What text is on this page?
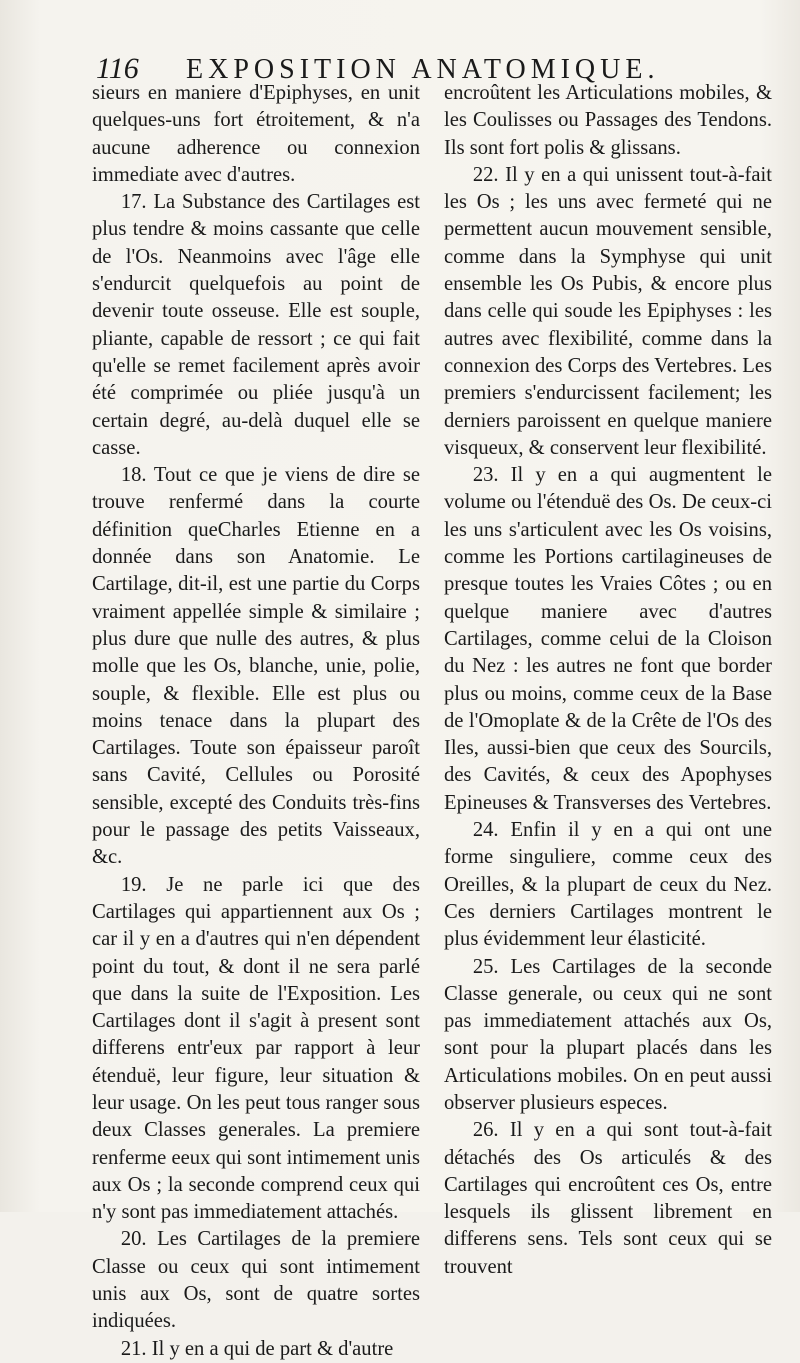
116 EXPOSITION ANATOMIQUE.

sieurs en maniere d'Epiphyses, en unit quelques-uns fort étroitement, & n'a aucune adherence ou connexion immediate avec d'autres.

17. La Substance des Cartilages est plus tendre & moins cassante que celle de l'Os. Neanmoins avec l'âge elle s'endurcit quelquefois au point de devenir toute osseuse. Elle est souple, pliante, capable de ressort ; ce qui fait qu'elle se remet facilement après avoir été comprimée ou pliée jusqu'à un certain degré, au-delà duquel elle se casse.

18. Tout ce que je viens de dire se trouve renfermé dans la courte définition queCharles Etienne en a donnée dans son Anatomie. Le Cartilage, dit-il, est une partie du Corps vraiment appellée simple & similaire ; plus dure que nulle des autres, & plus molle que les Os, blanche, unie, polie, souple, & flexible. Elle est plus ou moins tenace dans la plupart des Cartilages. Toute son épaisseur paroît sans Cavité, Cellules ou Porosité sensible, excepté des Conduits très-fins pour le passage des petits Vaisseaux, &c.

19. Je ne parle ici que des Cartilages qui appartiennent aux Os ; car il y en a d'autres qui n'en dépendent point du tout, & dont il ne sera parlé que dans la suite de l'Exposition. Les Cartilages dont il s'agit à present sont differens entr'eux par rapport à leur étenduë, leur figure, leur situation & leur usage. On les peut tous ranger sous deux Classes generales. La premiere renferme eeux qui sont intimement unis aux Os ; la seconde comprend ceux qui n'y sont pas immediatement attachés.

20. Les Cartilages de la premiere Classe ou ceux qui sont intimement unis aux Os, sont de quatre sortes indiquées.

21. Il y en a qui de part & d'autre

encroûtent les Articulations mobiles, & les Coulisses ou Passages des Tendons. Ils sont fort polis & glissans.

22. Il y en a qui unissent tout-à-fait les Os ; les uns avec fermeté qui ne permettent aucun mouvement sensible, comme dans la Symphyse qui unit ensemble les Os Pubis, & encore plus dans celle qui soude les Epiphyses : les autres avec flexibilité, comme dans la connexion des Corps des Vertebres. Les premiers s'endurcissent facilement; les derniers paroissent en quelque maniere visqueux, & conservent leur flexibilité.

23. Il y en a qui augmentent le volume ou l'étenduë des Os. De ceux-ci les uns s'articulent avec les Os voisins, comme les Portions cartilagineuses de presque toutes les Vraies Côtes ; ou en quelque maniere avec d'autres Cartilages, comme celui de la Cloison du Nez : les autres ne font que border plus ou moins, comme ceux de la Base de l'Omoplate & de la Crête de l'Os des Iles, aussi-bien que ceux des Sourcils, des Cavités, & ceux des Apophyses Epineuses & Transverses des Vertebres.

24. Enfin il y en a qui ont une forme singuliere, comme ceux des Oreilles, & la plupart de ceux du Nez. Ces derniers Cartilages montrent le plus évidemment leur élasticité.

25. Les Cartilages de la seconde Classe generale, ou ceux qui ne sont pas immediatement attachés aux Os, sont pour la plupart placés dans les Articulations mobiles. On en peut aussi observer plusieurs especes.

26. Il y en a qui sont tout-à-fait détachés des Os articulés & des Cartilages qui encroûtent ces Os, entre lesquels ils glissent librement en differens sens. Tels sont ceux qui se trouvent
